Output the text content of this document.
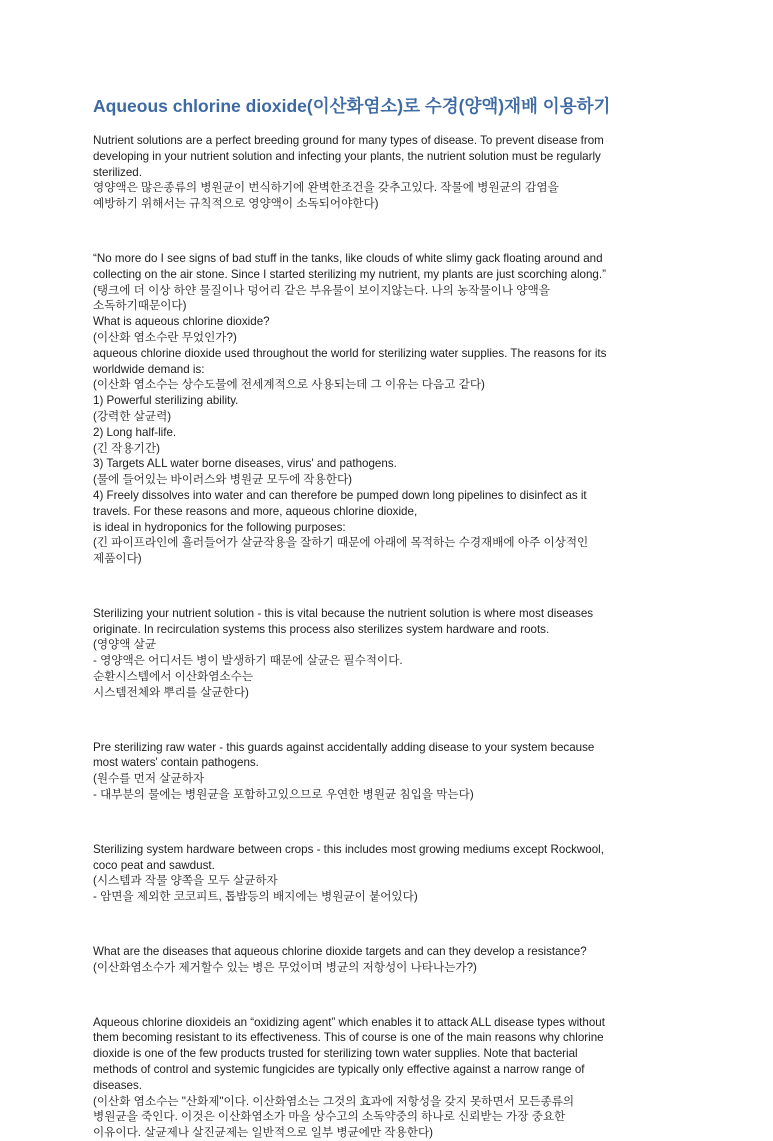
Aqueous chlorine dioxide(이산화염소)로 수경(양액)재배 이용하기

Nutrient solutions are a perfect breeding ground for many types of disease. To prevent disease from

developing in your nutrient solution and infecting your plants, the nutrient solution must be regularly

sterilized.

영양액은 많은종류의 병원균이 번식하기에 완벽한조건을 갖추고있다. 작물에 병원균의 감염을

예방하기 위해서는 규칙적으로 영양액이 소독되어야한다)

“No more do I see signs of bad stuff in the tanks, like clouds of white slimy gack floating around and

collecting on the air stone. Since I started sterilizing my nutrient, my plants are just scorching along.”

(탱크에 더 이상 하얀 물질이나 덩어리 같은 부유물이 보이지않는다. 나의 농작물이나 양액을

소독하기때문이다)

What is aqueous chlorine dioxide?

(이산화 염소수란 무었인가?)

aqueous chlorine dioxide used throughout the world for sterilizing water supplies. The reasons for its

worldwide demand is:

(이산화 염소수는 상수도물에 전세계적으로 사용되는데 그 이유는 다음고 같다)

1) Powerful sterilizing ability.

(강력한 살균력)

2) Long half-life.

(긴 작용기간)

3) Targets ALL water borne diseases, virus' and pathogens.

(물에 들어있는 바이러스와 병원균 모두에 작용한다)

4) Freely dissolves into water and can therefore be pumped down long pipelines to disinfect as it

travels. For these reasons and more, aqueous chlorine dioxide,

is ideal in hydroponics for the following purposes:

(긴 파이프라인에 흘러들어가 살균작용을 잘하기 때문에 아래에 목적하는 수경재배에 아주 이상적인

제품이다)

Sterilizing your nutrient solution - this is vital because the nutrient solution is where most diseases

originate. In recirculation systems this process also sterilizes system hardware and roots.

(영양액 살균

- 영양액은 어디서든 병이 발생하기 때문에 살균은 필수적이다.

순환시스템에서 이산화염소수는

시스템전체와 뿌리를 살균한다)

Pre sterilizing raw water - this guards against accidentally adding disease to your system because

most waters' contain pathogens.

(원수를 먼저 살균하자

- 대부분의 물에는 병원균을 포함하고있으므로 우연한 병원균 침입을 막는다)

Sterilizing system hardware between crops - this includes most growing mediums except Rockwool,

coco peat and sawdust.

(시스템과 작물 양쪽을 모두 살균하자

- 암면을 제외한 코코피트, 톱밥등의 배지에는 병원균이 붙어있다)

What are the diseases that aqueous chlorine dioxide targets and can they develop a resistance?

(이산화염소수가 제거할수 있는 병은 무었이며 병균의 저항성이 나타나는가?)

Aqueous chlorine dioxideis an “oxidizing agent” which enables it to attack ALL disease types without

them becoming resistant to its effectiveness. This of course is one of the main reasons why chlorine

dioxide is one of the few products trusted for sterilizing town water supplies. Note that bacterial

methods of control and systemic fungicides are typically only effective against a narrow range of

diseases.

(이산화 염소수는 "산화제"이다. 이산화염소는 그것의 효과에 저항성을 갖지 못하면서 모든종류의

병원균을 죽인다. 이것은 이산화염소가 마을 상수고의 소독약중의 하나로 신뢰받는 가장 중요한

이유이다. 살균제나 살진균제는 일반적으로 일부 병균에만 작용한다)
